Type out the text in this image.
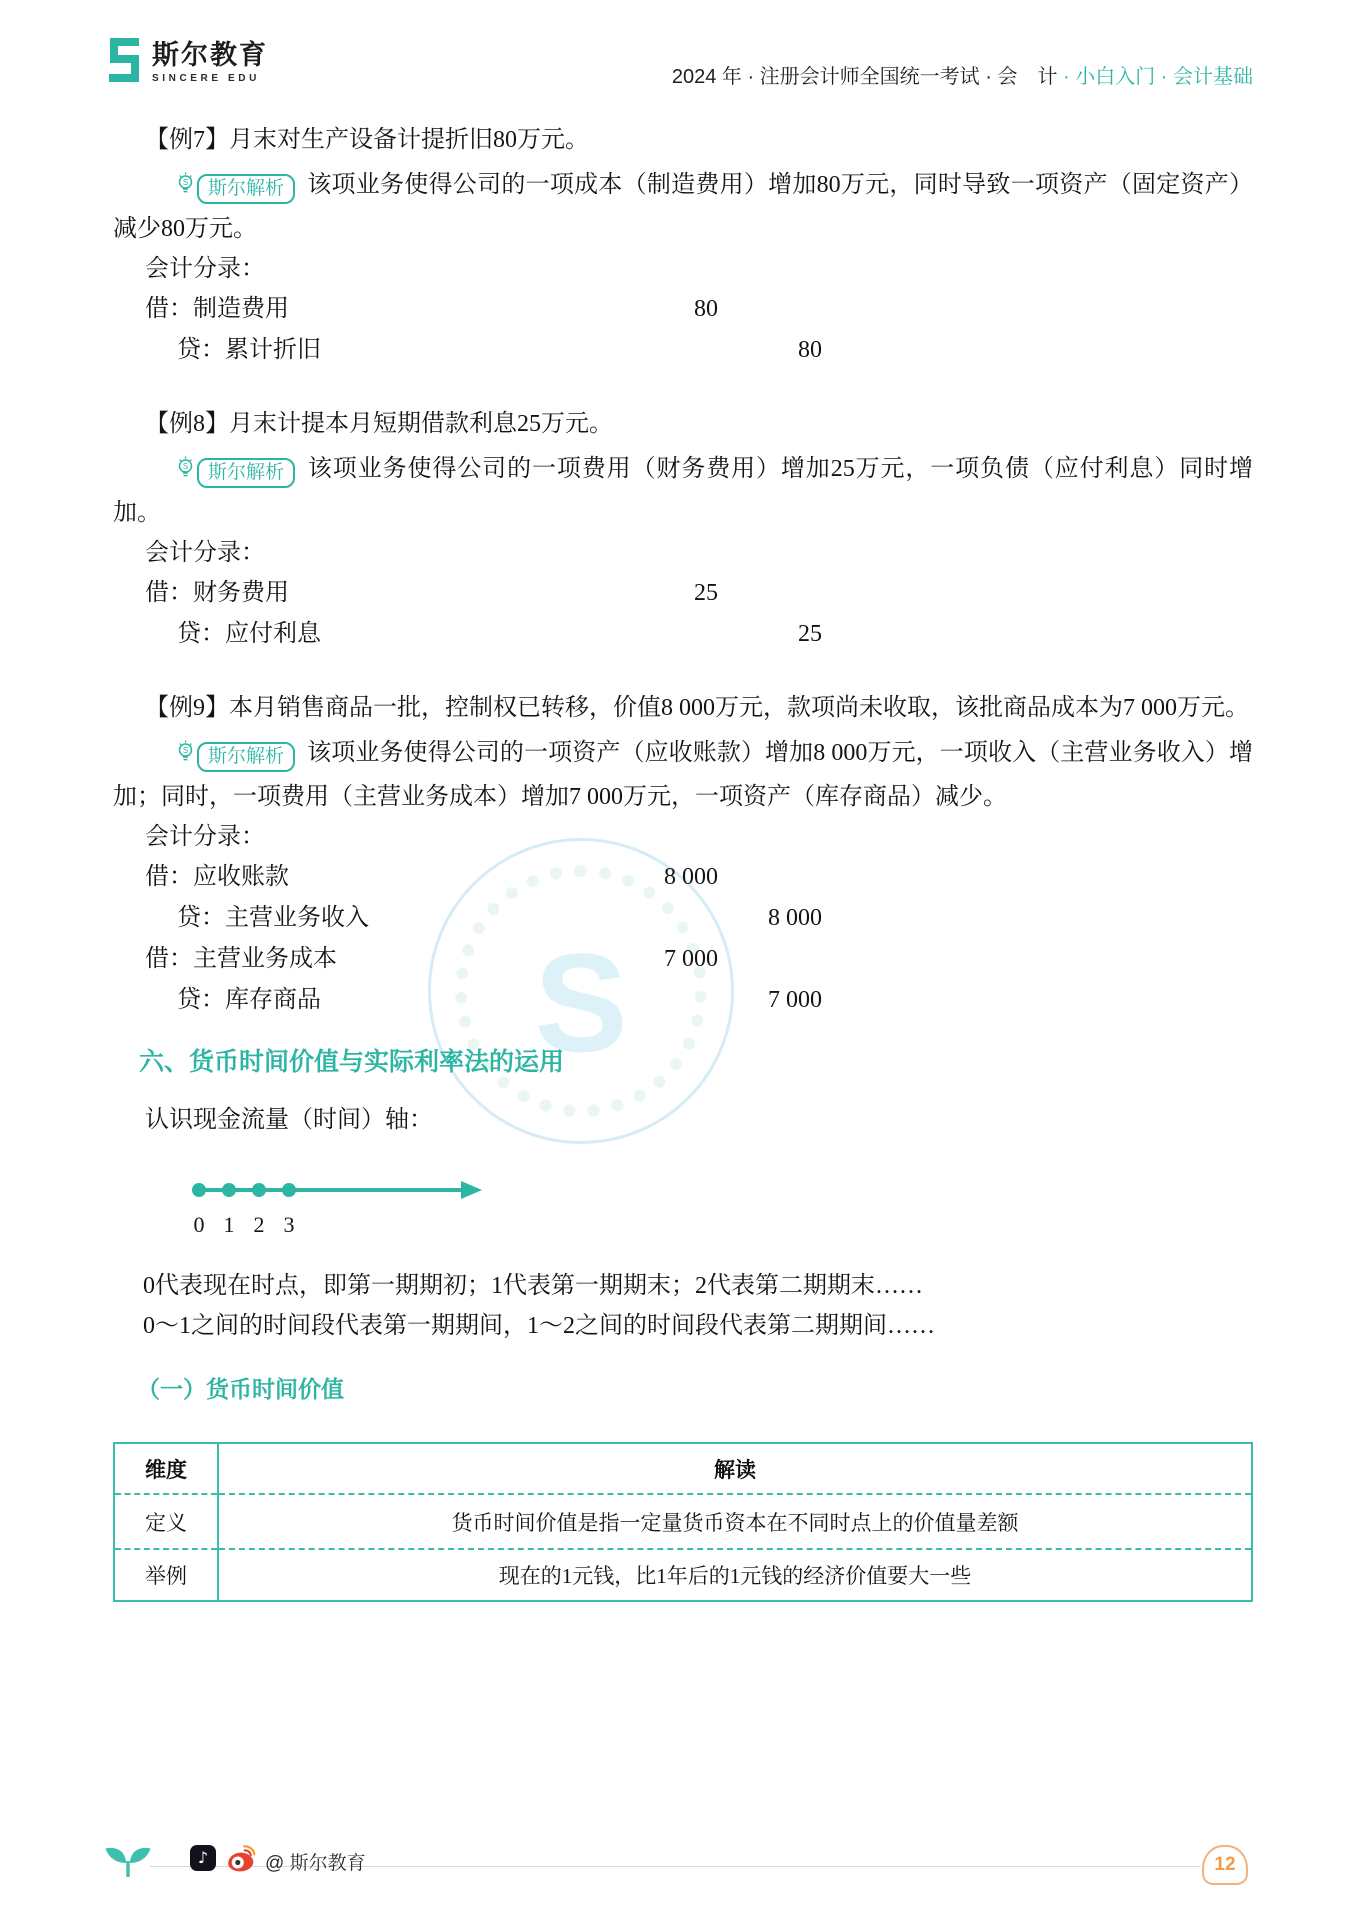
斯尔教育
SINCERE EDU	2024 年 · 注册会计师全国统一考试 · 会　计 · 小白入门 · 会计基础
S

【例7】月末对生产设备计提折旧80万元。

S	斯尔解析 该项业务使得公司的一项成本（制造费用）增加80万元，同时导致一项资产（固定资产）减少80万元。

会计分录：

借：制造费用	80

贷：累计折旧	80

【例8】月末计提本月短期借款利息25万元。

S	斯尔解析 该项业务使得公司的一项费用（财务费用）增加25万元，一项负债（应付利息）同时增加。

会计分录：

借：财务费用	25

贷：应付利息	25

【例9】本月销售商品一批，控制权已转移，价值8 000万元，款项尚未收取，该批商品成本为7 000万元。

S	斯尔解析 该项业务使得公司的一项资产（应收账款）增加8 000万元，一项收入（主营业务收入）增加；同时，一项费用（主营业务成本）增加7 000万元，一项资产（库存商品）减少。

会计分录：

借：应收账款	8 000

贷：主营业务收入	8 000

借：主营业务成本	7 000

贷：库存商品	7 000

六、货币时间价值与实际利率法的运用

认识现金流量（时间）轴：

0 1 2 3

0代表现在时点，即第一期期初；1代表第一期期末；2代表第二期期末……

0～1之间的时间段代表第一期期间，1～2之间的时间段代表第二期期间……

（一）货币时间价值

维度	解读
定义	货币时间价值是指一定量货币资本在不同时点上的价值量差额
举例	现在的1元钱，比1年后的1元钱的经济价值要大一些
♪	@ 斯尔教育	12
